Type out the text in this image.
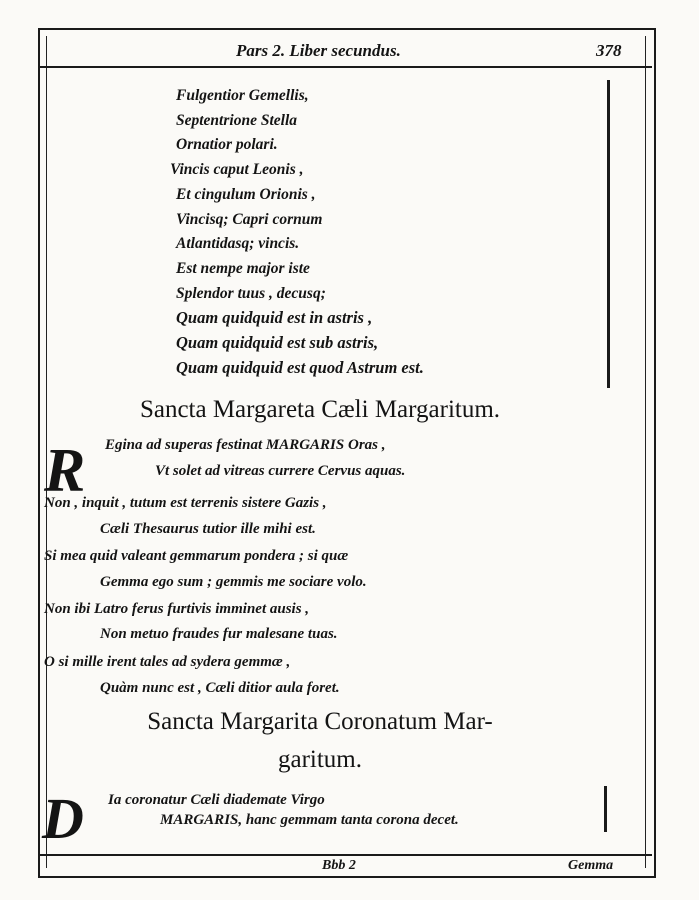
Pars 2. Liber secundus.	378
Fulgentior Gemellis,
Septentrione Stella
Ornatior polari.
Vincis caput Leonis ,
Et cingulum Orionis ,
Vincisq; Capri cornum
Atlantidasq; vincis.
Est nempe major iste
Splendor tuus , decusq;
Quam quidquid est in astris ,
Quam quidquid est sub astris,
Quam quidquid est quod Astrum est.
Sancta Margareta Cæli Margaritum.
R Egina ad superas festinat MARGARIS Oras ,
Vt solet ad vitreas currere Cervus aquas.
Non , inquit , tutum est terrenis sistere Gazis ,
Cæli Thesaurus tutior ille mihi est.
Si mea quid valeant gemmarum pondera ; si quæ
Gemma ego sum ; gemmis me sociare volo.
Non ibi Latro ferus furtivis imminet ausis ,
Non metuo fraudes fur malesane tuas.
O si mille irent tales ad sydera gemmæ ,
Quàm nunc est , Cæli ditior aula foret.
Sancta Margarita Coronatum Mar-
garitum.
D Ia coronatur Cæli diademate Virgo
MARGARIS, hanc gemmam tanta corona decet.
Bbb 2	Gemma
